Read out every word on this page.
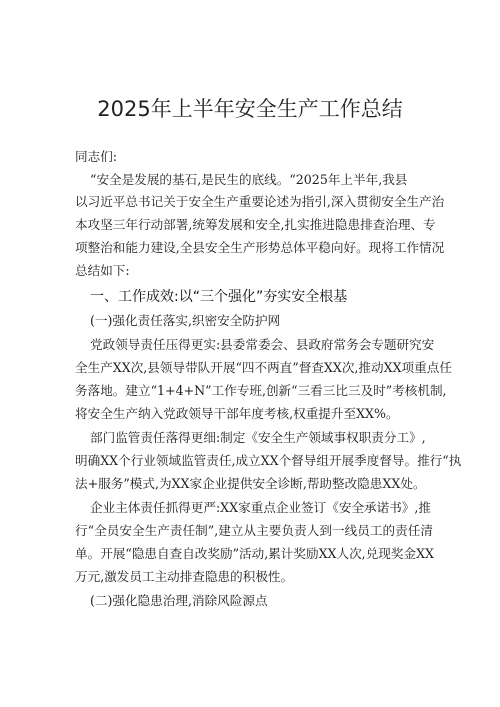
2025年上半年安全生产工作总结
同志们:
“安全是发展的基石,是民生的底线。“2025年上半年,我县
以习近平总书记关于安全生产重要论述为指引,深入贯彻安全生产治
本攻坚三年行动部署,统筹发展和安全,扎实推进隐患排查治理、专
项整治和能力建设,全县安全生产形势总体平稳向好。现将工作情况
总结如下:
一、工作成效:以“三个强化”夯实安全根基
(一)强化责任落实,织密安全防护网
党政领导责任压得更实:县委常委会、县政府常务会专题研究安
全生产XX次,县领导带队开展“四不两直”督查XX次,推动XX项重点任
务落地。建立“1+4+N”工作专班,创新“三看三比三及时”考核机制,
将安全生产纳入党政领导干部年度考核,权重提升至XX%。
部门监管责任落得更细:制定《安全生产领域事权职责分工》,
明确XX个行业领域监管责任,成立XX个督导组开展季度督导。推行“执
法+服务”模式,为XX家企业提供安全诊断,帮助整改隐患XX处。
企业主体责任抓得更严:XX家重点企业签订《安全承诺书》,推
行“全员安全生产责任制”,建立从主要负责人到一线员工的责任清
单。开展“隐患自查自改奖励”活动,累计奖励XX人次,兑现奖金XX
万元,激发员工主动排查隐患的积极性。
(二)强化隐患治理,消除风险源点
